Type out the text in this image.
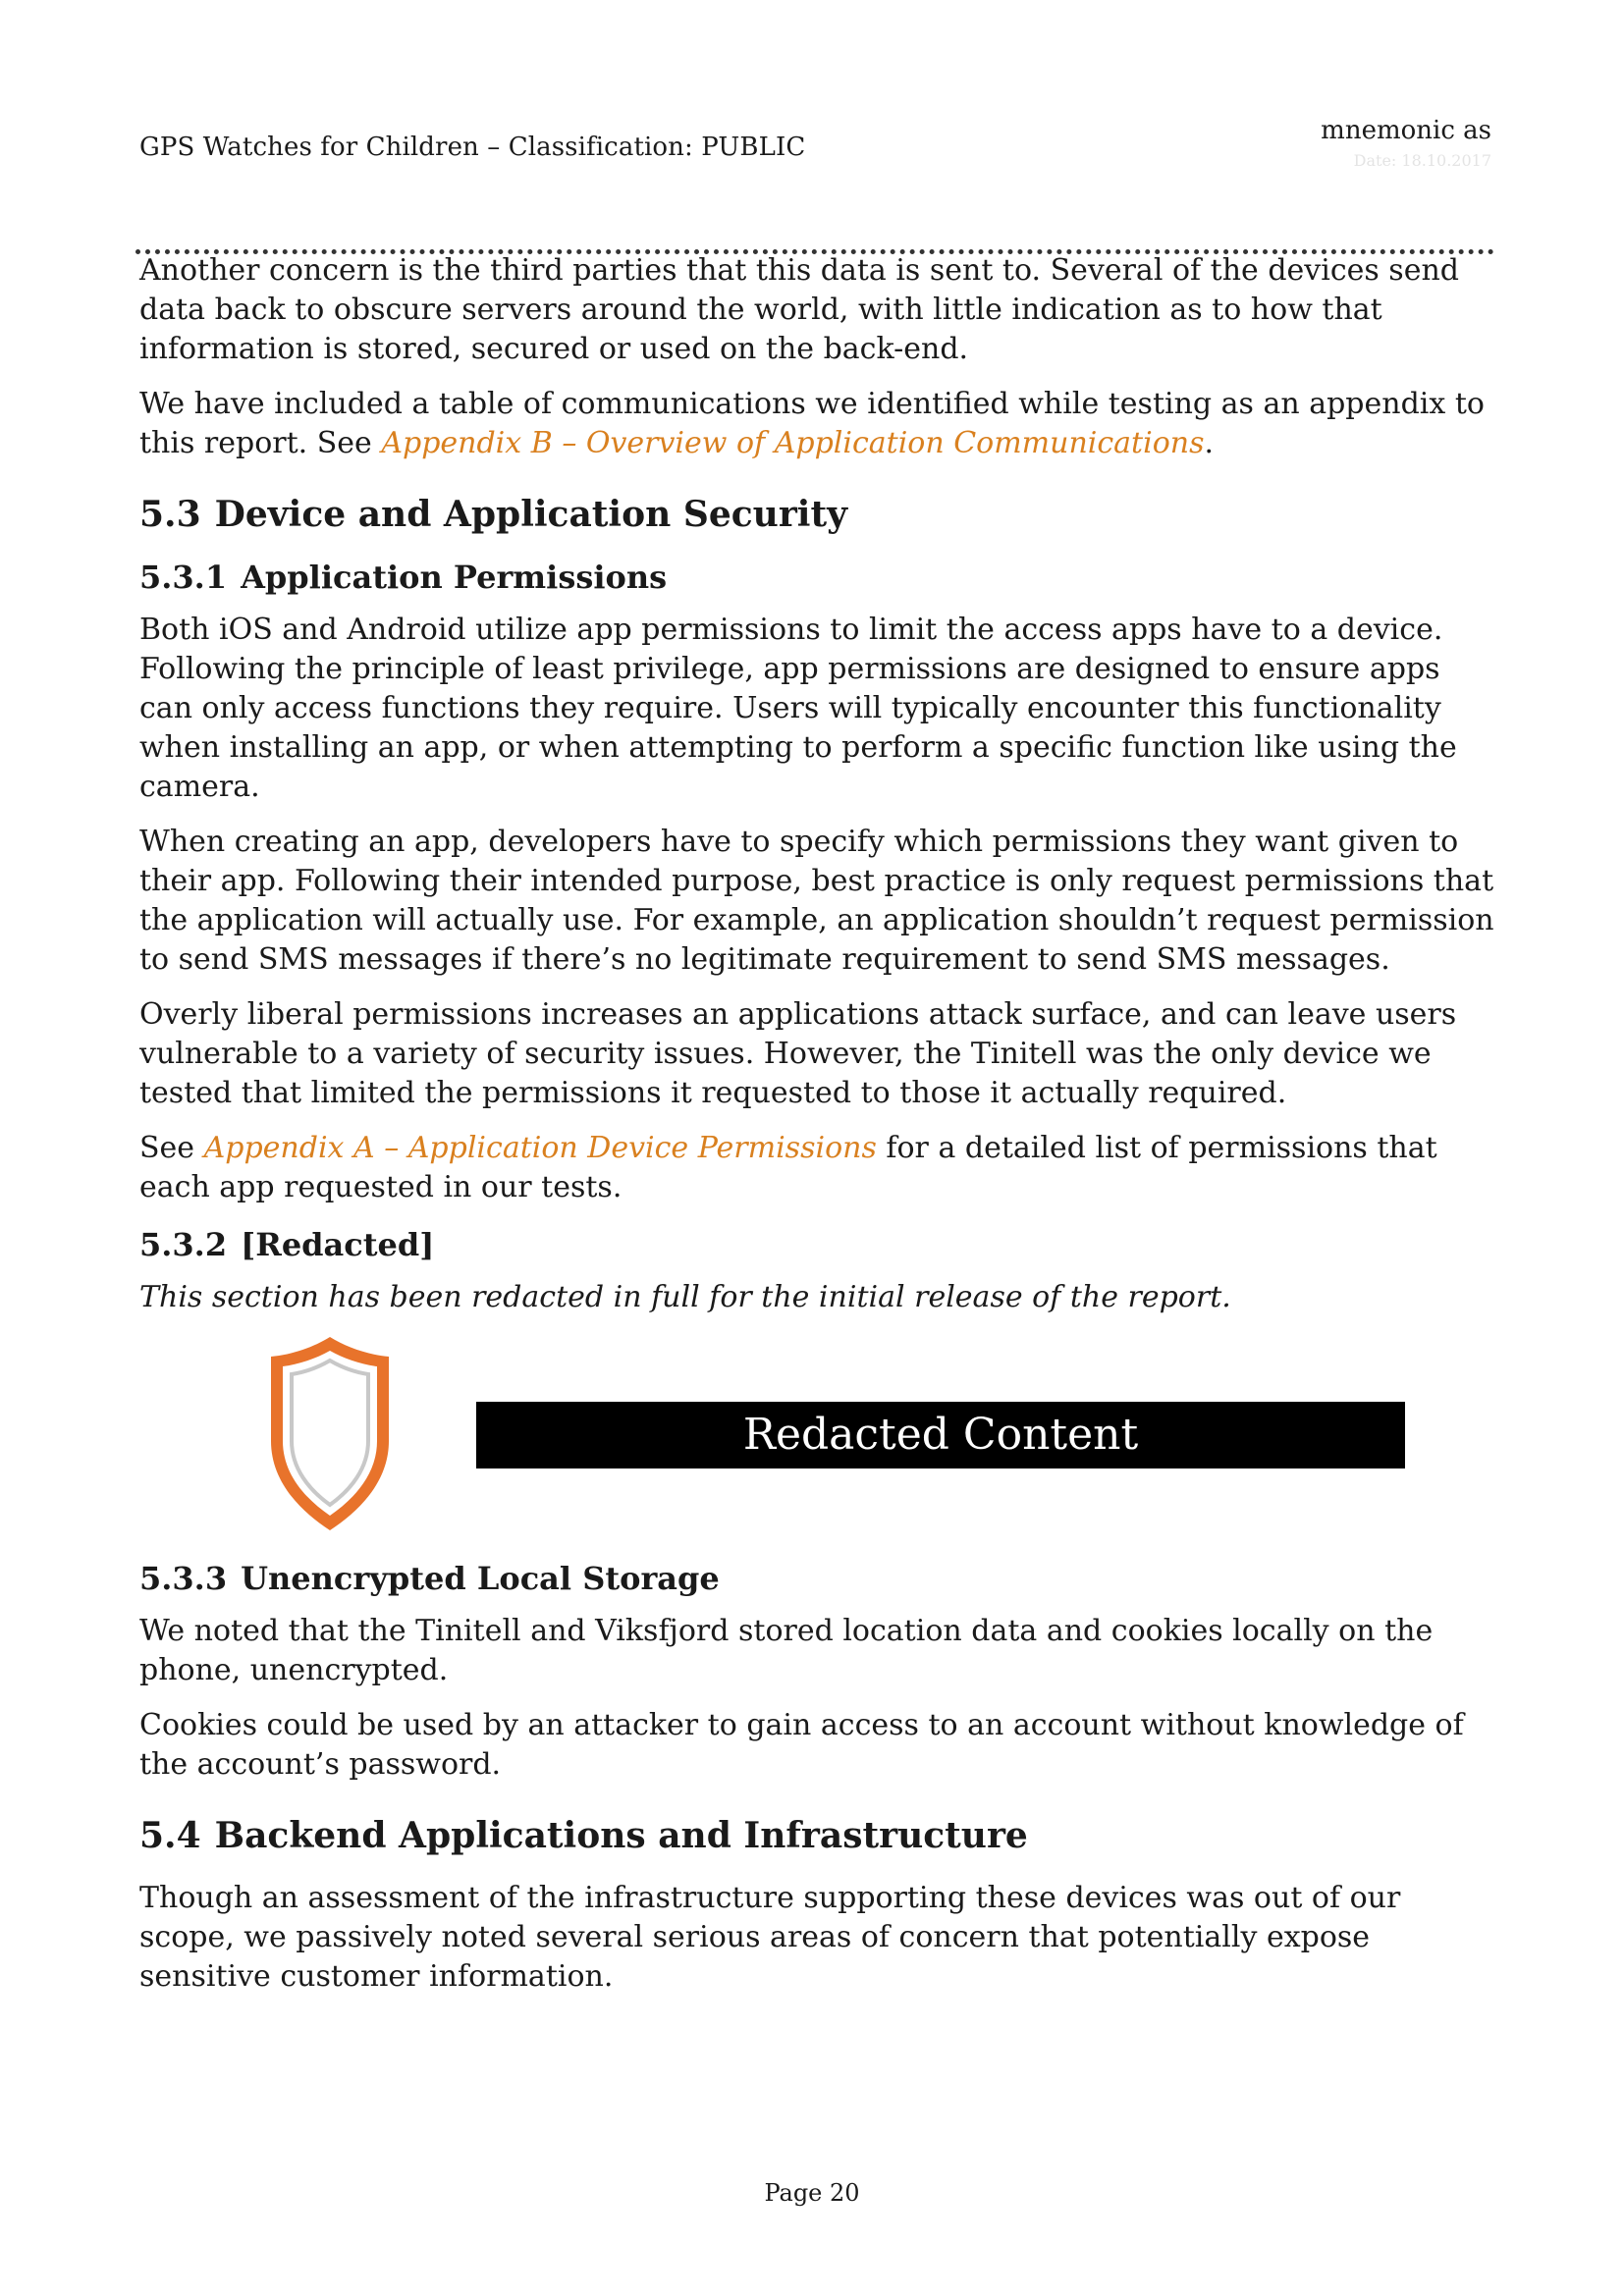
GPS Watches for Children – Classification: PUBLIC
mnemonic as
Date: 18.10.2017

Another concern is the third parties that this data is sent to. Several of the devices send data back to obscure servers around the world, with little indication as to how that information is stored, secured or used on the back-end.

We have included a table of communications we identified while testing as an appendix to this report. See Appendix B – Overview of Application Communications.

5.3 Device and Application Security
5.3.1 Application Permissions

Both iOS and Android utilize app permissions to limit the access apps have to a device. Following the principle of least privilege, app permissions are designed to ensure apps can only access functions they require. Users will typically encounter this functionality when installing an app, or when attempting to perform a specific function like using the camera.

When creating an app, developers have to specify which permissions they want given to their app. Following their intended purpose, best practice is only request permissions that the application will actually use. For example, an application shouldn’t request permission to send SMS messages if there’s no legitimate requirement to send SMS messages.

Overly liberal permissions increases an applications attack surface, and can leave users vulnerable to a variety of security issues. However, the Tinitell was the only device we tested that limited the permissions it requested to those it actually required.

See Appendix A – Application Device Permissions for a detailed list of permissions that each app requested in our tests.

5.3.2 [Redacted]

This section has been redacted in full for the initial release of the report.

Redacted Content
5.3.3 Unencrypted Local Storage

We noted that the Tinitell and Viksfjord stored location data and cookies locally on the phone, unencrypted.

Cookies could be used by an attacker to gain access to an account without knowledge of the account’s password.

5.4 Backend Applications and Infrastructure

Though an assessment of the infrastructure supporting these devices was out of our scope, we passively noted several serious areas of concern that potentially expose sensitive customer information.

Page 20
